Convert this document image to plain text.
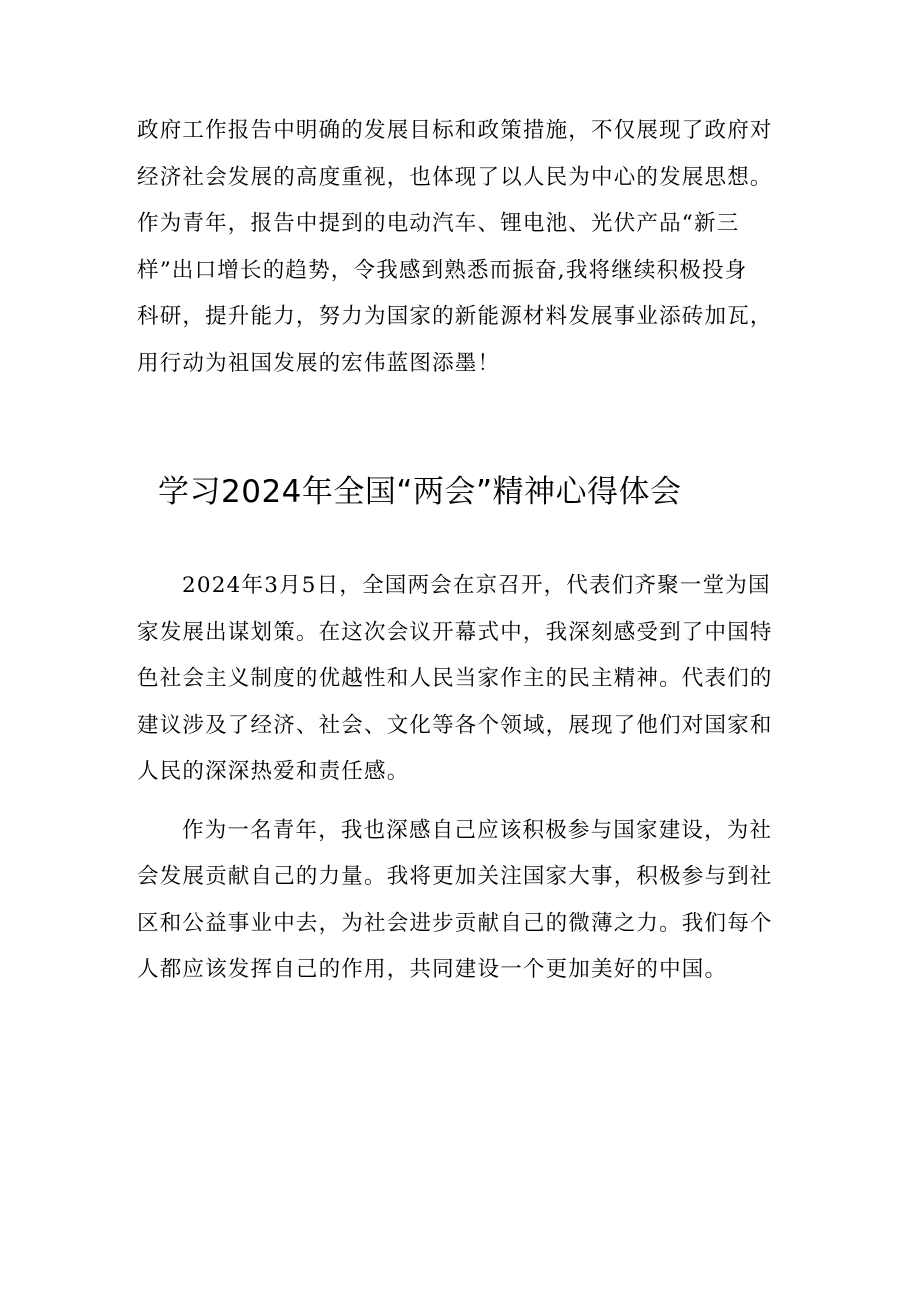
政府工作报告中明确的发展目标和政策措施，不仅展现了政府对
经济社会发展的高度重视，也体现了以人民为中心的发展思想。
作为青年，报告中提到的电动汽车、锂电池、光伏产品“新三
样”出口增长的趋势，令我感到熟悉而振奋,我将继续积极投身
科研，提升能力，努力为国家的新能源材料发展事业添砖加瓦，
用行动为祖国发展的宏伟蓝图添墨！
学习2024年全国“两会”精神心得体会
2024年3月5日，全国两会在京召开，代表们齐聚一堂为国
家发展出谋划策。在这次会议开幕式中，我深刻感受到了中国特
色社会主义制度的优越性和人民当家作主的民主精神。代表们的
建议涉及了经济、社会、文化等各个领域，展现了他们对国家和
人民的深深热爱和责任感。
作为一名青年，我也深感自己应该积极参与国家建设，为社
会发展贡献自己的力量。我将更加关注国家大事，积极参与到社
区和公益事业中去，为社会进步贡献自己的微薄之力。我们每个
人都应该发挥自己的作用，共同建设一个更加美好的中国。
